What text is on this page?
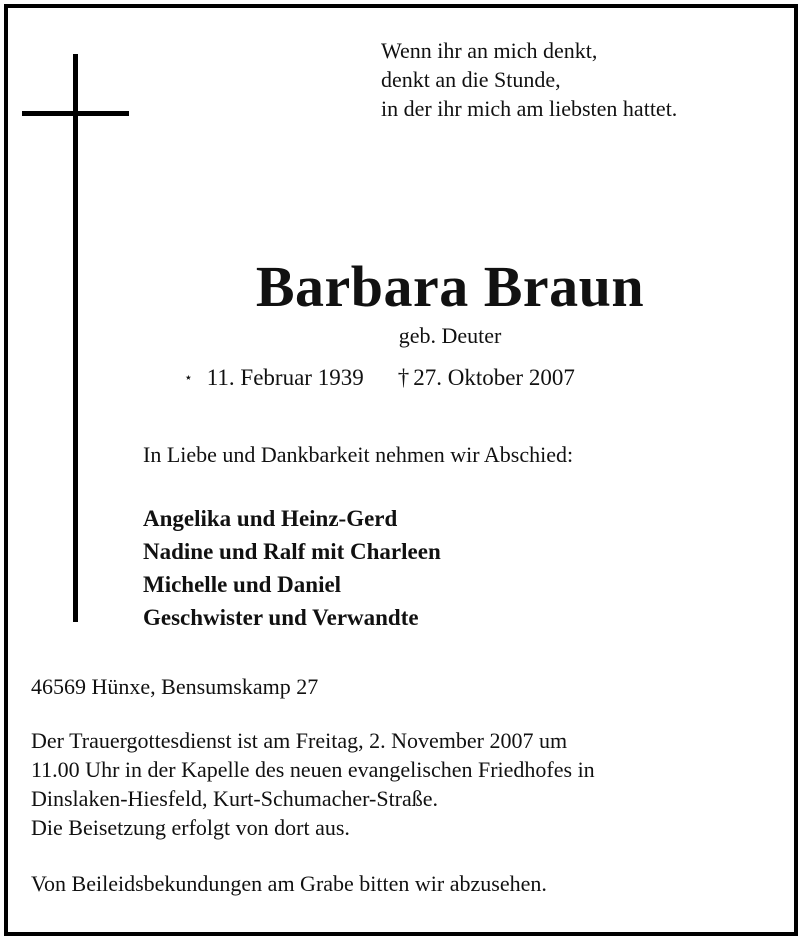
Wenn ihr an mich denkt,
denkt an die Stunde,
in der ihr mich am liebsten hattet.
Barbara Braun
geb. Deuter
⋆ 11. Februar 1939 † 27. Oktober 2007
In Liebe und Dankbarkeit nehmen wir Abschied:
Angelika und Heinz-Gerd
Nadine und Ralf mit Charleen
Michelle und Daniel
Geschwister und Verwandte
46569 Hünxe, Bensumskamp 27
Der Trauergottesdienst ist am Freitag, 2. November 2007 um
11.00 Uhr in der Kapelle des neuen evangelischen Friedhofes in
Dinslaken-Hiesfeld, Kurt-Schumacher-Straße.
Die Beisetzung erfolgt von dort aus.
Von Beileidsbekundungen am Grabe bitten wir abzusehen.
